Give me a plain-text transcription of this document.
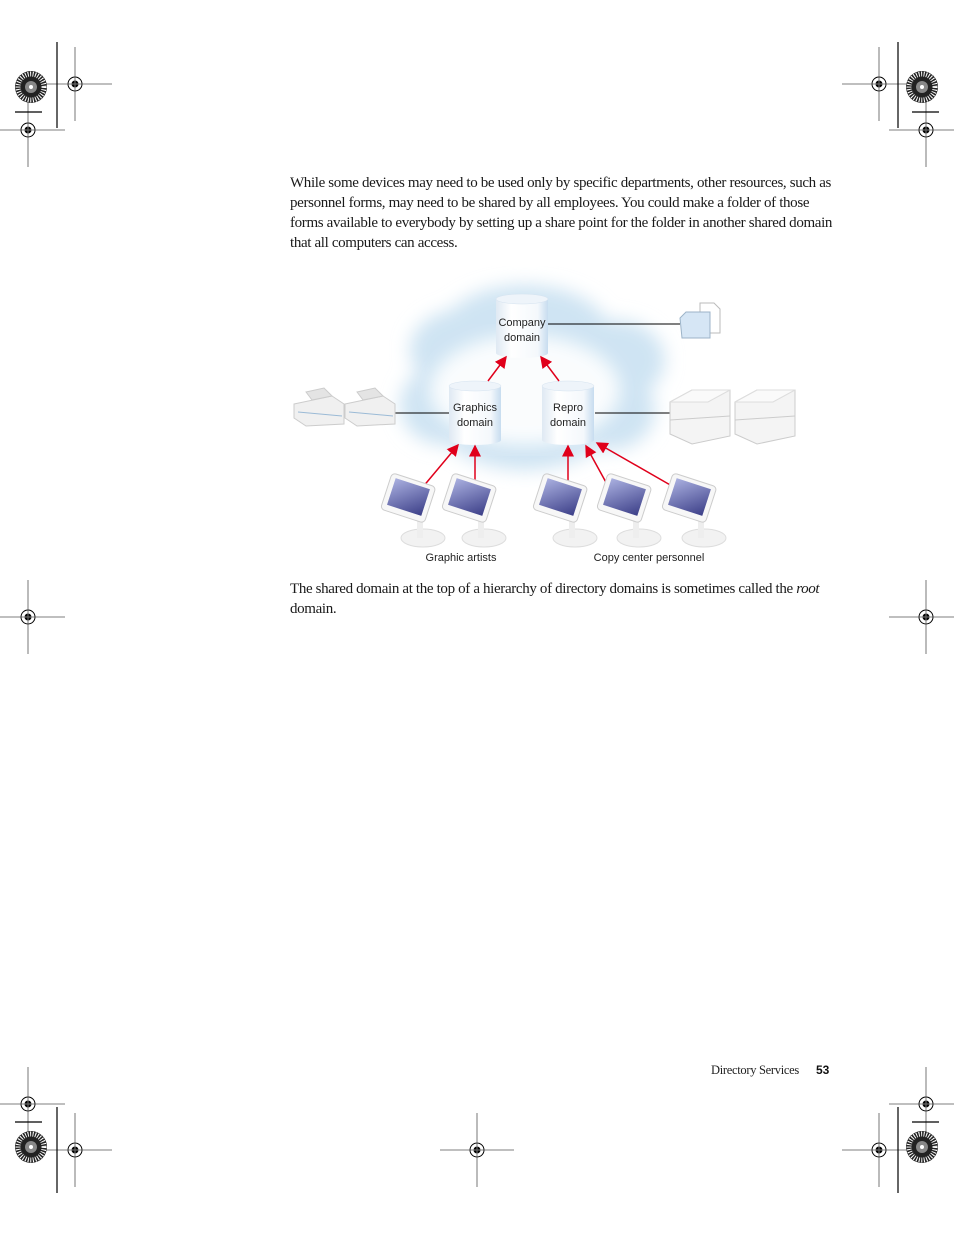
While some devices may need to be used only by specific departments, other resources, such as personnel forms, may need to be shared by all employees. You could make a folder of those forms available to everybody by setting up a share point for the folder in another shared domain that all computers can access.

Company
domain
Graphics
domain
Repro
domain
Graphic artists	Copy center personnel

The shared domain at the top of a hierarchy of directory domains is sometimes called the root domain.

Directory Services 53
